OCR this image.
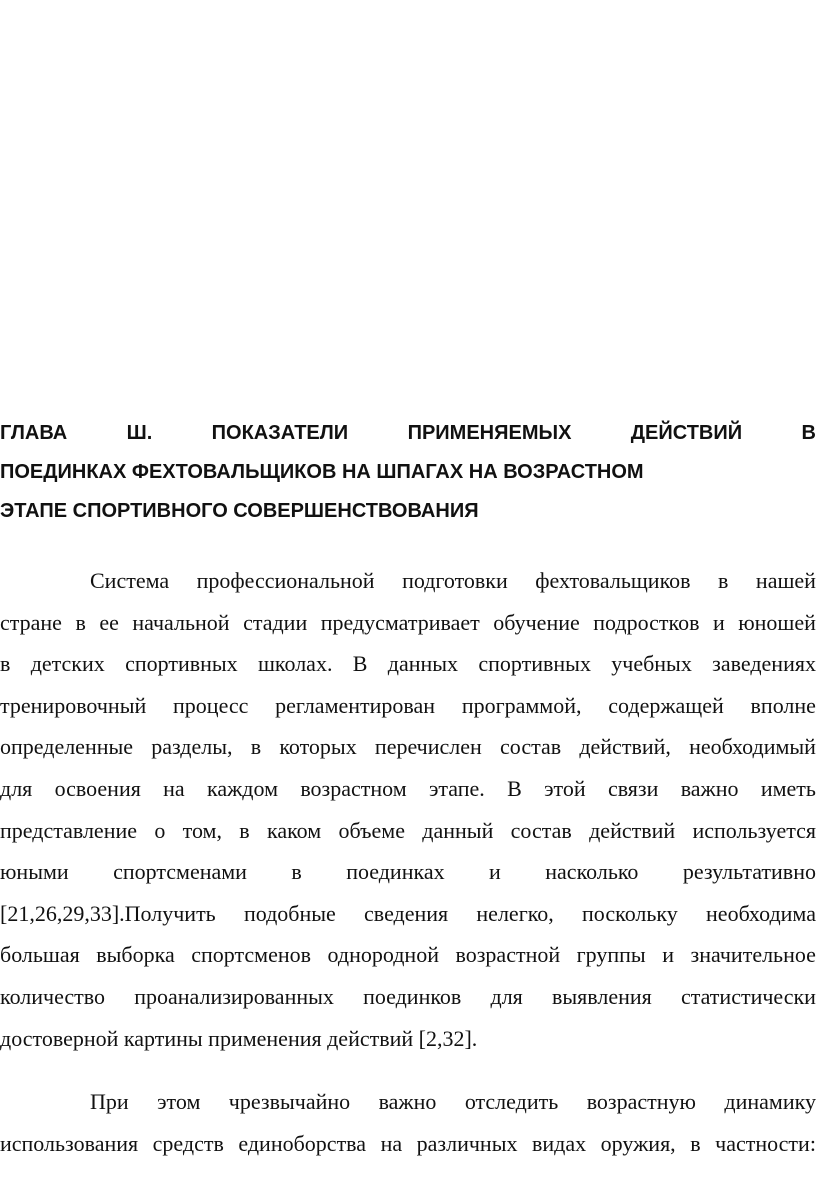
ГЛАВА	Ш.	ПОКАЗАТЕЛИ	ПРИМЕНЯЕМЫХ	ДЕЙСТВИЙ	В
ПОЕДИНКАХ ФЕХТОВАЛЬЩИКОВ НА ШПАГАХ НА ВОЗРАСТНОМ
ЭТАПЕ СПОРТИВНОГО СОВЕРШЕНСТВОВАНИЯ
Система профессиональной подготовки фехтовальщиков в нашей
стране в ее начальной стадии предусматривает обучение подростков и юношей
в детских спортивных школах. В данных спортивных учебных заведениях
тренировочный процесс регламентирован программой, содержащей вполне
определенные разделы, в которых перечислен состав действий, необходимый
для освоения на каждом возрастном этапе. В этой связи важно иметь
представление о том, в каком объеме данный состав действий используется
юными спортсменами в поединках и насколько результативно
[21,26,29,33].Получить подобные сведения нелегко, поскольку необходима
большая выборка спортсменов однородной возрастной группы и значительное
количество проанализированных поединков для выявления статистически
достоверной картины применения действий [2,32].
При этом чрезвычайно важно отследить возрастную динамику
использования средств единоборства на различных видах оружия, в частности:
